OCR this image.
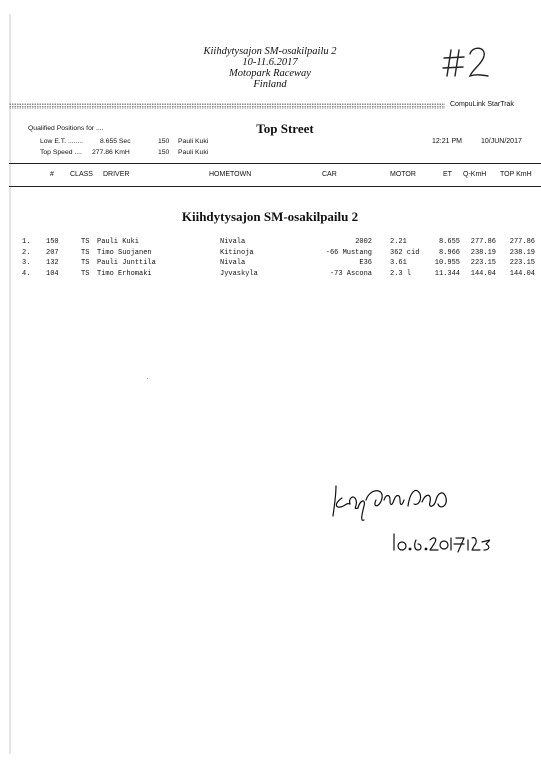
Kiihdytysajon SM-osakilpailu 2
10-11.6.2017
Motopark Raceway
Finland
CompuLink StarTrak
Qualified Positions for ....
Low E.T. ........ 8.655 Sec	150 Pauli Kuki
Top Speed .... 277.86 KmH	150 Pauli Kuki
Top Street
12:21 PM	10/JUN/2017
# CLASS DRIVER	HOMETOWN	CAR	MOTOR	ET Q-KmH TOP KmH
Kiihdytysajon SM-osakilpailu 2
1. 150	TS Pauli Kuki	Nivala	2002	2.21	8.655 277.86 277.86
2. 207	TS Timo Suojanen	Kitinoja	-66 Mustang	362 cid	8.966 238.19 238.19
3. 132	TS Pauli Junttila	Nivala	E36	3.61	10.955 223.15 223.15
4. 104	TS Timo Erhomaki	Jyvaskyla	-73 Ascona	2.3 l	11.344 144.04 144.04
